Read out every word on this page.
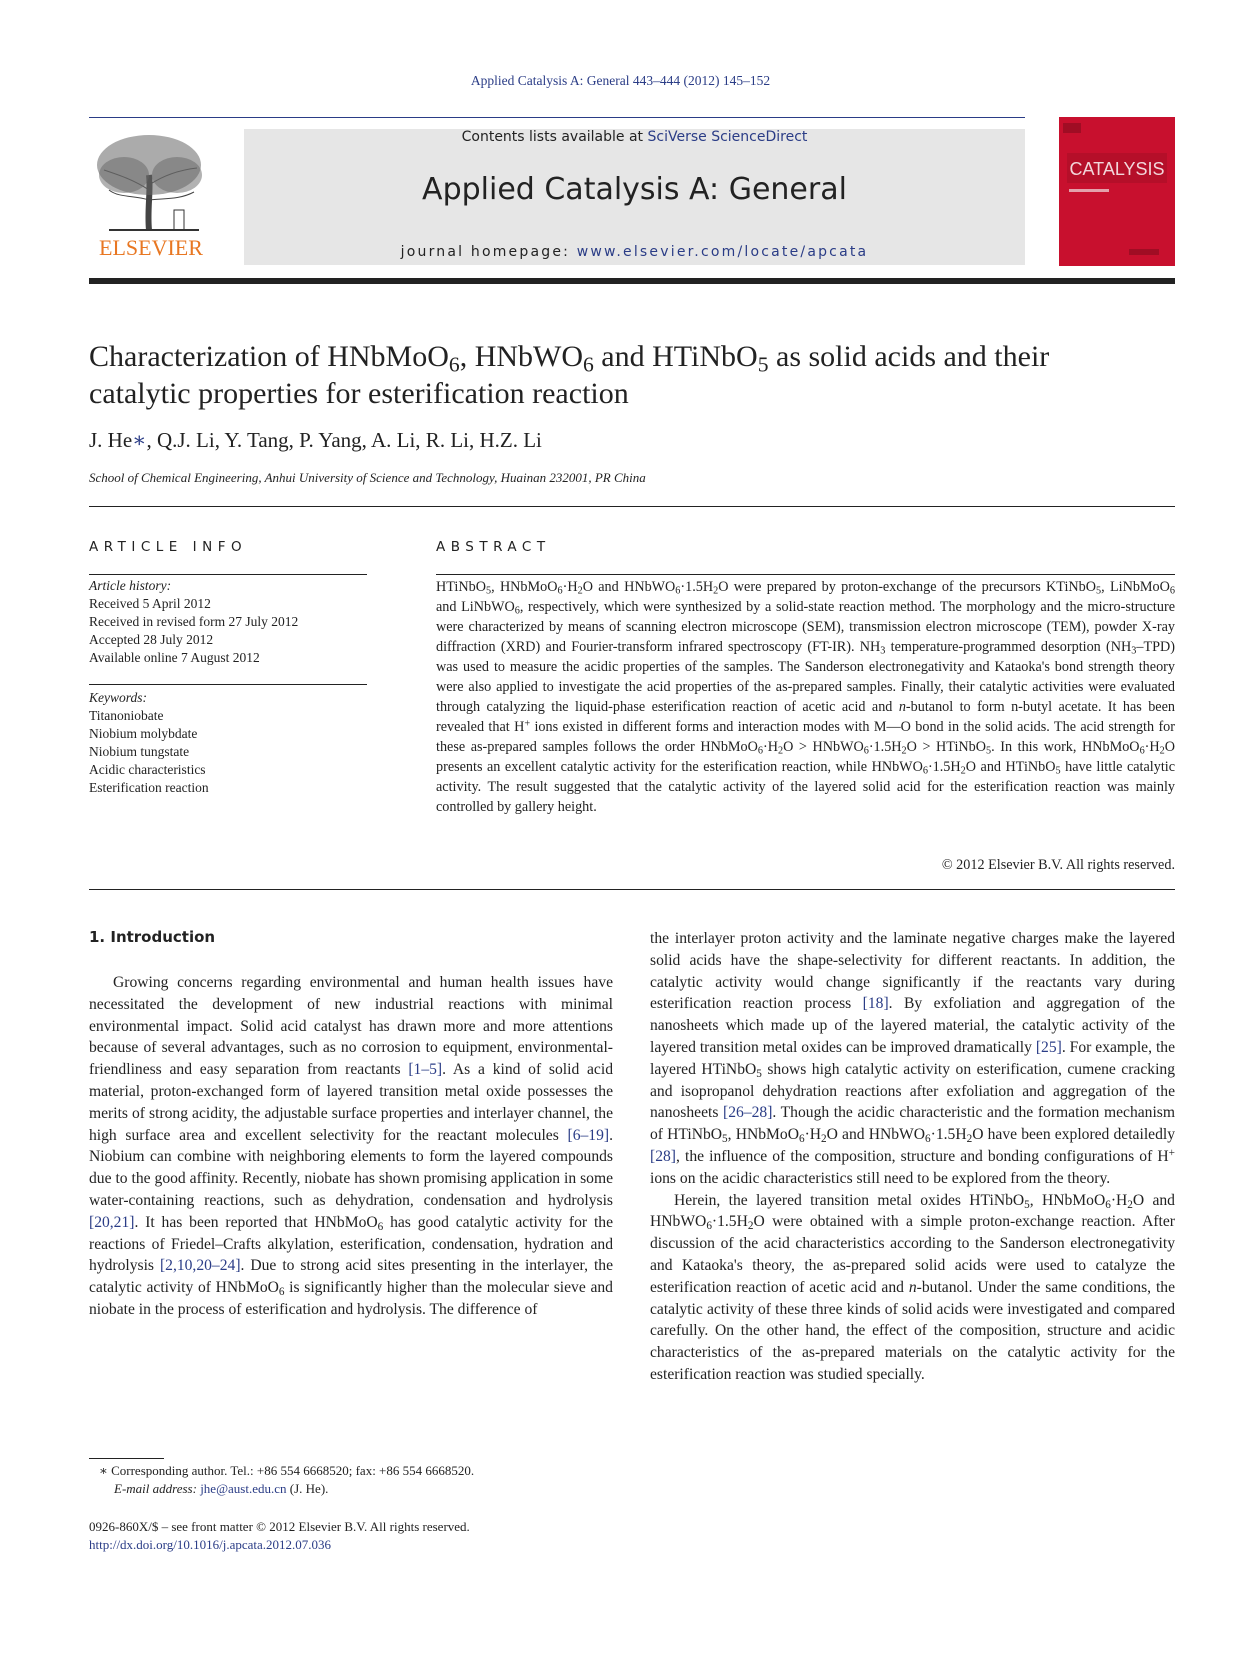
Applied Catalysis A: General 443–444 (2012) 145–152
ELSEVIER
Contents lists available at SciVerse ScienceDirect
Applied Catalysis A: General
journal homepage: www.elsevier.com/locate/apcata
CATALYSIS
Characterization of HNbMoO$_6$, HNbWO$_6$ and HTiNbO$_5$ as solid acids and their
catalytic properties for esterification reaction
J. He∗, Q.J. Li, Y. Tang, P. Yang, A. Li, R. Li, H.Z. Li
School of Chemical Engineering, Anhui University of Science and Technology, Huainan 232001, PR China
ARTICLE INFO	ABSTRACT
Article history:
Received 5 April 2012
Received in revised form 27 July 2012
Accepted 28 July 2012
Available online 7 August 2012
Keywords:
Titanoniobate
Niobium molybdate
Niobium tungstate
Acidic characteristics
Esterification reaction
HTiNbO$_5$, $HNbMoO_6\cdot H_2O$ and $HNbWO_6\cdot 1.5H_2O$ were prepared by proton-exchange of the precursors KTiNbO$_5$, LiNbMoO$_6$ and LiNbWO$_6$, respectively, which were synthesized by a solid-state reaction method. The morphology and the micro-structure were characterized by means of scanning electron microscope (SEM), transmission electron microscope (TEM), powder X-ray diffraction (XRD) and Fourier-transform infrared spectroscopy (FT-IR). $NH_3$ temperature-programmed desorption $(NH_3-TPD)$ was used to measure the acidic properties of the samples. The Sanderson electronegativity and Kataoka's bond strength theory were also applied to investigate the acid properties of the as-prepared samples. Finally, their catalytic activities were evaluated through catalyzing the liquid-phase esterification reaction of acetic acid and n-butanol to form n-butyl acetate. It has been revealed that H+ ions existed in different forms and interaction modes with M—O bond in the solid acids. The acid strength for these as-prepared samples follows the order $HNbMoO_6\cdot H_2O$ > $HNbWO_6\cdot 1.5H_2O$ > HTiNbO$_5$. In this work, $HNbMoO_6\cdot H_2O$ presents an excellent catalytic activity for the esterification reaction, while $HNbWO_6\cdot 1.5H_2O$ and HTiNbO$_5$ have little catalytic activity. The result suggested that the catalytic activity of the layered solid acid for the esterification reaction was mainly controlled by gallery height.
© 2012 Elsevier B.V. All rights reserved.
1. Introduction

Growing concerns regarding environmental and human health issues have necessitated the development of new industrial reactions with minimal environmental impact. Solid acid catalyst has drawn more and more attentions because of several advantages, such as no corrosion to equipment, environmental-friendliness and easy separation from reactants [1–5]. As a kind of solid acid material, proton-exchanged form of layered transition metal oxide possesses the merits of strong acidity, the adjustable surface properties and interlayer channel, the high surface area and excellent selectivity for the reactant molecules [6–19]. Niobium can combine with neighboring elements to form the layered compounds due to the good affinity. Recently, niobate has shown promising application in some water-containing reactions, such as dehydration, condensation and hydrolysis [20,21]. It has been reported that HNbMoO$_6$ has good catalytic activity for the reactions of Friedel–Crafts alkylation, esterification, condensation, hydration and hydrolysis [2,10,20–24]. Due to strong acid sites presenting in the interlayer, the catalytic activity of HNbMoO$_6$ is significantly higher than the molecular sieve and niobate in the process of esterification and hydrolysis. The difference of

the interlayer proton activity and the laminate negative charges make the layered solid acids have the shape-selectivity for different reactants. In addition, the catalytic activity would change significantly if the reactants vary during esterification reaction process [18]. By exfoliation and aggregation of the nanosheets which made up of the layered material, the catalytic activity of the layered transition metal oxides can be improved dramatically [25]. For example, the layered HTiNbO$_5$ shows high catalytic activity on esterification, cumene cracking and isopropanol dehydration reactions after exfoliation and aggregation of the nanosheets [26–28]. Though the acidic characteristic and the formation mechanism of HTiNbO$_5$, $HNbMoO_6\cdot H_2O$ and $HNbWO_6\cdot 1.5H_2O$ have been explored detailedly [28], the influence of the composition, structure and bonding configurations of H+ ions on the acidic characteristics still need to be explored from the theory.

Herein, the layered transition metal oxides HTiNbO$_5$, $HNbMoO_6\cdot H_2O$ and $HNbWO_6\cdot 1.5H_2O$ were obtained with a simple proton-exchange reaction. After discussion of the acid characteristics according to the Sanderson electronegativity and Kataoka's theory, the as-prepared solid acids were used to catalyze the esterification reaction of acetic acid and n-butanol. Under the same conditions, the catalytic activity of these three kinds of solid acids were investigated and compared carefully. On the other hand, the effect of the composition, structure and acidic characteristics of the as-prepared materials on the catalytic activity for the esterification reaction was studied specially.

∗ Corresponding author. Tel.: +86 554 6668520; fax: +86 554 6668520.
E-mail address: jhe@aust.edu.cn (J. He).
0926-860X/$ – see front matter © 2012 Elsevier B.V. All rights reserved.
http://dx.doi.org/10.1016/j.apcata.2012.07.036
